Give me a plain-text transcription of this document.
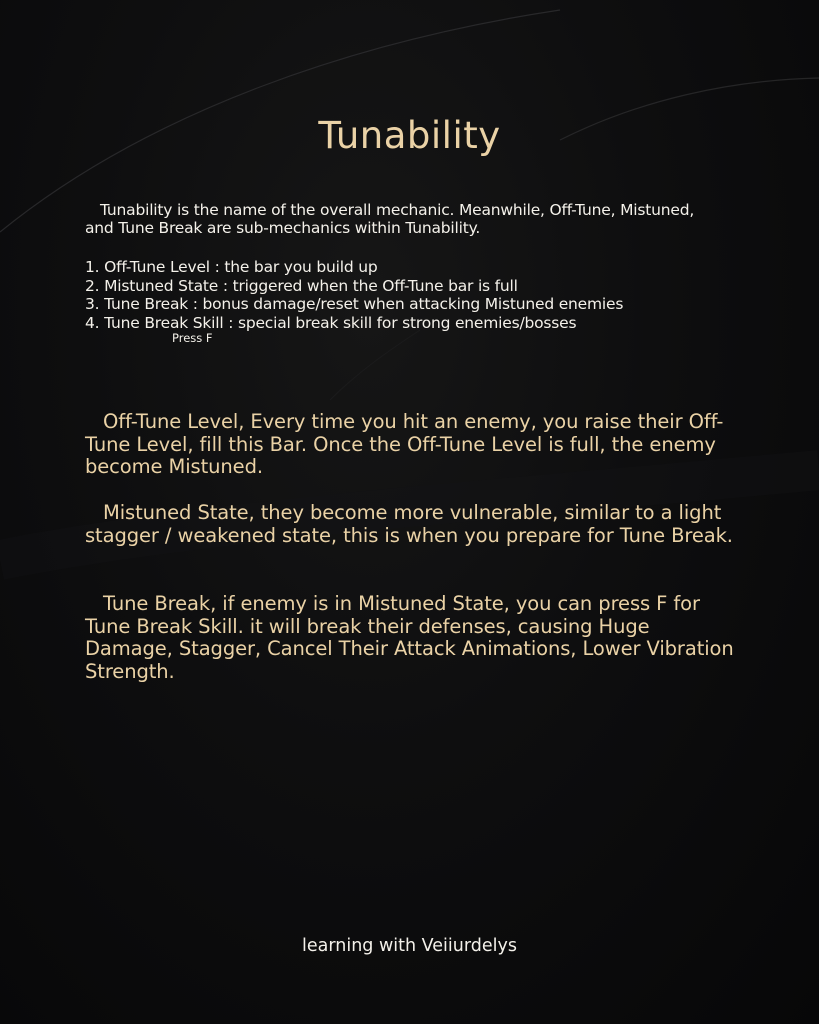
Tunability

Tunability is the name of the overall mechanic. Meanwhile, Off-Tune, Mistuned, and Tune Break are sub-mechanics within Tunability.

1. Off-Tune Level : the bar you build up
2. Mistuned State : triggered when the Off-Tune bar is full
3. Tune Break : bonus damage/reset when attacking Mistuned enemies
4. Tune Break Skill : special break skill for strong enemies/bosses

Press F

Off-Tune Level, Every time you hit an enemy, you raise their Off-Tune Level, fill this Bar. Once the Off-Tune Level is full, the enemy become Mistuned.

Mistuned State, they become more vulnerable, similar to a light stagger / weakened state, this is when you prepare for Tune Break.

Tune Break, if enemy is in Mistuned State, you can press F for Tune Break Skill. it will break their defenses, causing Huge Damage, Stagger, Cancel Their Attack Animations, Lower Vibration Strength.

learning with Veiiurdelys
